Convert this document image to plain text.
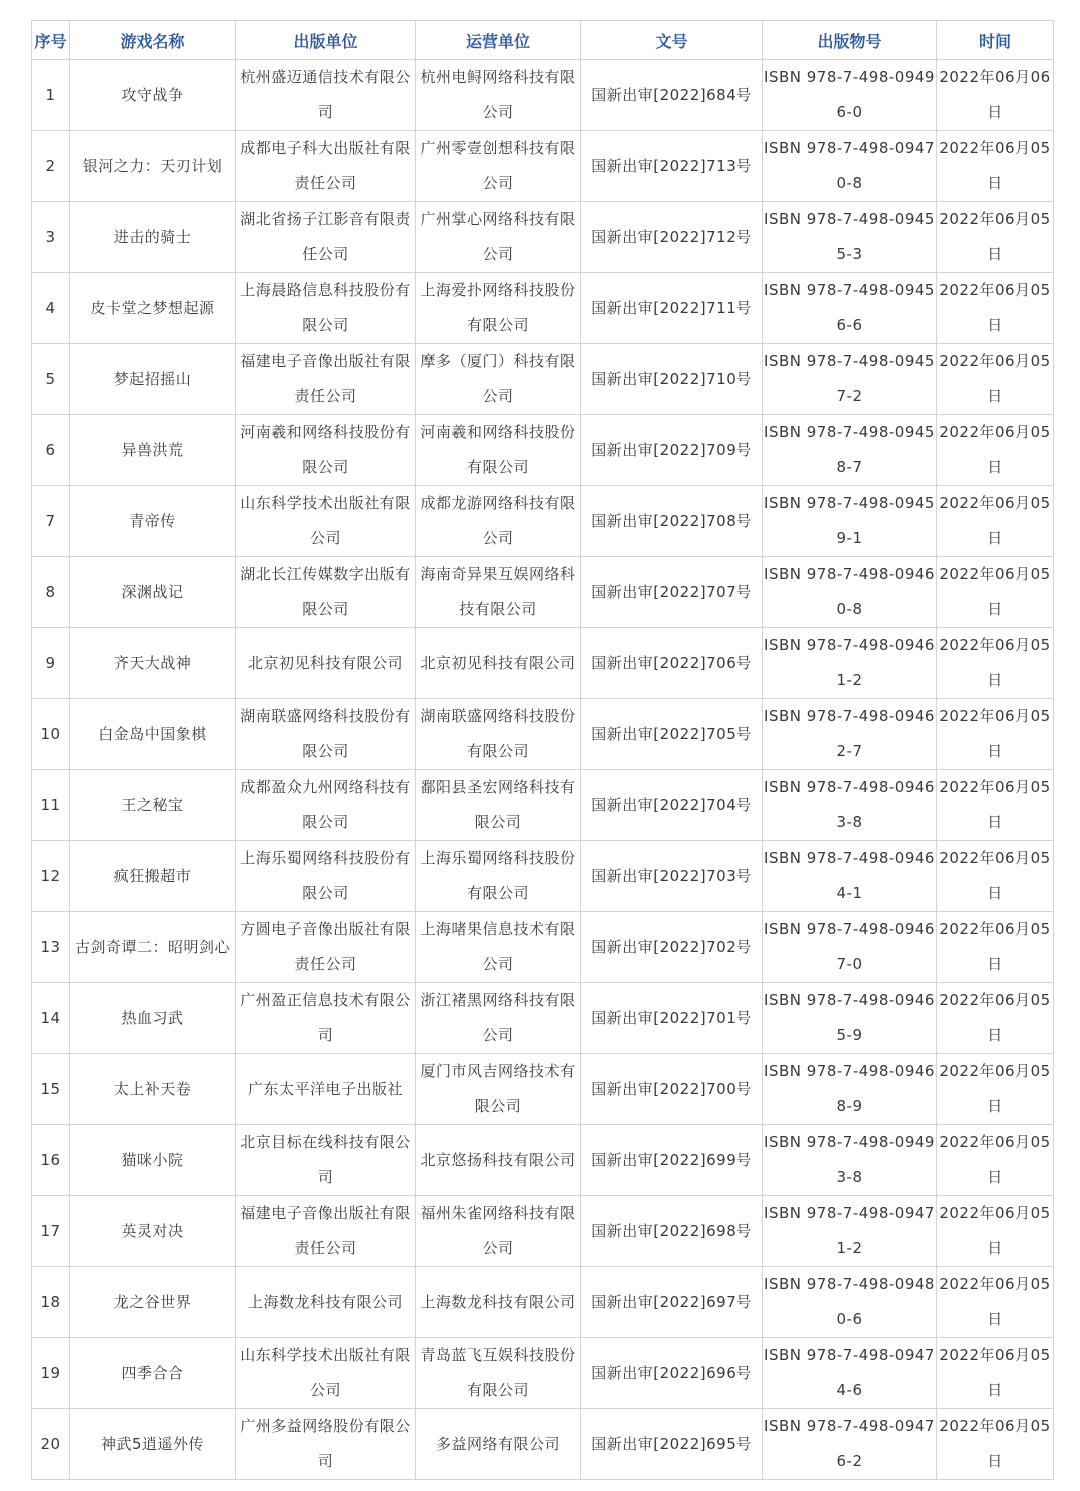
序号	游戏名称	出版单位	运营单位	文号	出版物号	时间
1	攻守战争	杭州盛迈通信技术有限公司	杭州电鲟网络科技有限公司	国新出审[2022]684号	ISBN 978-7-498-09496-0	2022年06月06日
2	银河之力：天刃计划	成都电子科大出版社有限责任公司	广州零壹创想科技有限公司	国新出审[2022]713号	ISBN 978-7-498-09470-8	2022年06月05日
3	进击的骑士	湖北省扬子江影音有限责任公司	广州掌心网络科技有限公司	国新出审[2022]712号	ISBN 978-7-498-09455-3	2022年06月05日
4	皮卡堂之梦想起源	上海晨路信息科技股份有限公司	上海爱扑网络科技股份有限公司	国新出审[2022]711号	ISBN 978-7-498-09456-6	2022年06月05日
5	梦起招摇山	福建电子音像出版社有限责任公司	摩多（厦门）科技有限公司	国新出审[2022]710号	ISBN 978-7-498-09457-2	2022年06月05日
6	异兽洪荒	河南羲和网络科技股份有限公司	河南羲和网络科技股份有限公司	国新出审[2022]709号	ISBN 978-7-498-09458-7	2022年06月05日
7	青帝传	山东科学技术出版社有限公司	成都龙游网络科技有限公司	国新出审[2022]708号	ISBN 978-7-498-09459-1	2022年06月05日
8	深渊战记	湖北长江传媒数字出版有限公司	海南奇异果互娱网络科技有限公司	国新出审[2022]707号	ISBN 978-7-498-09460-8	2022年06月05日
9	齐天大战神	北京初见科技有限公司	北京初见科技有限公司	国新出审[2022]706号	ISBN 978-7-498-09461-2	2022年06月05日
10	白金岛中国象棋	湖南联盛网络科技股份有限公司	湖南联盛网络科技股份有限公司	国新出审[2022]705号	ISBN 978-7-498-09462-7	2022年06月05日
11	王之秘宝	成都盈众九州网络科技有限公司	鄱阳县圣宏网络科技有限公司	国新出审[2022]704号	ISBN 978-7-498-09463-8	2022年06月05日
12	疯狂搬超市	上海乐蜀网络科技股份有限公司	上海乐蜀网络科技股份有限公司	国新出审[2022]703号	ISBN 978-7-498-09464-1	2022年06月05日
13	古剑奇谭二：昭明剑心	方圆电子音像出版社有限责任公司	上海啫果信息技术有限公司	国新出审[2022]702号	ISBN 978-7-498-09467-0	2022年06月05日
14	热血习武	广州盈正信息技术有限公司	浙江褚黑网络科技有限公司	国新出审[2022]701号	ISBN 978-7-498-09465-9	2022年06月05日
15	太上补天卷	广东太平洋电子出版社	厦门市风吉网络技术有限公司	国新出审[2022]700号	ISBN 978-7-498-09468-9	2022年06月05日
16	猫咪小院	北京目标在线科技有限公司	北京悠扬科技有限公司	国新出审[2022]699号	ISBN 978-7-498-09493-8	2022年06月05日
17	英灵对决	福建电子音像出版社有限责任公司	福州朱雀网络科技有限公司	国新出审[2022]698号	ISBN 978-7-498-09471-2	2022年06月05日
18	龙之谷世界	上海数龙科技有限公司	上海数龙科技有限公司	国新出审[2022]697号	ISBN 978-7-498-09480-6	2022年06月05日
19	四季合合	山东科学技术出版社有限公司	青岛蓝飞互娱科技股份有限公司	国新出审[2022]696号	ISBN 978-7-498-09474-6	2022年06月05日
20	神武5逍遥外传	广州多益网络股份有限公司	多益网络有限公司	国新出审[2022]695号	ISBN 978-7-498-09476-2	2022年06月05日
